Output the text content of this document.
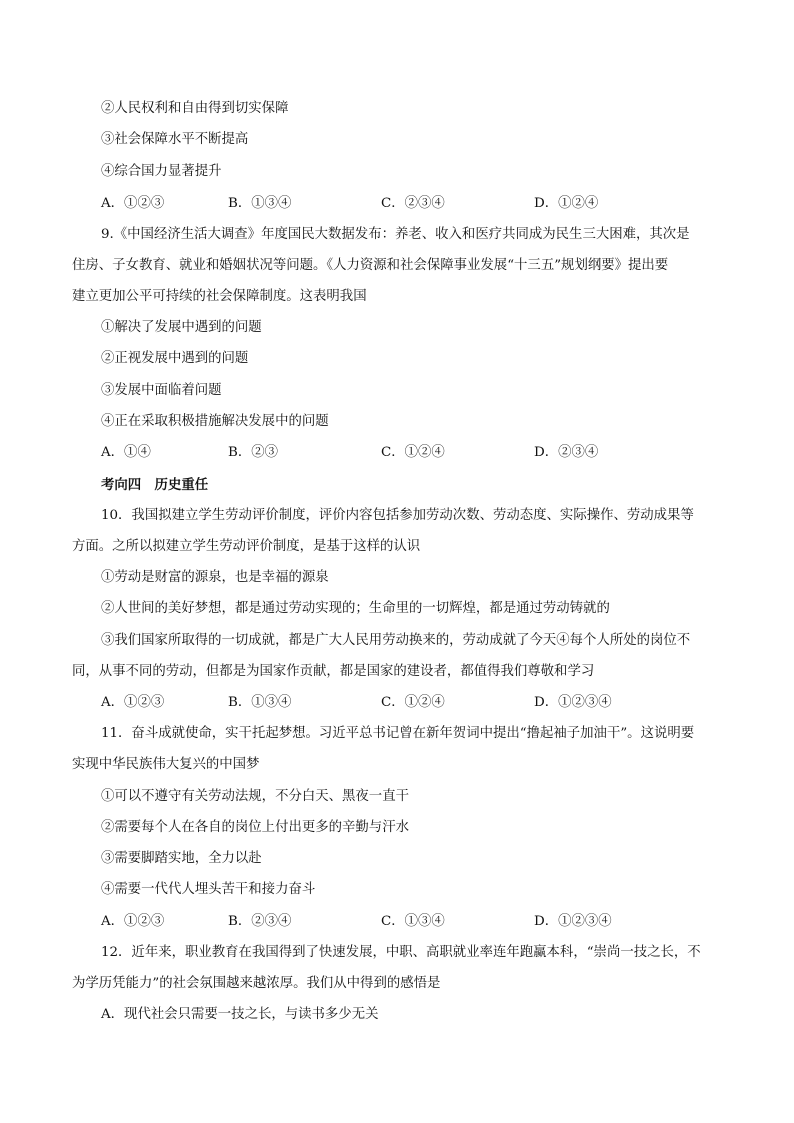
②人民权利和自由得到切实保障
③社会保障水平不断提高
④综合国力显著提升
A．①②③	B．①③④	C．②③④	D．①②④
9.《中国经济生活大调查》年度国民大数据发布：养老、收入和医疗共同成为民生三大困难，其次是
住房、子女教育、就业和婚姻状况等问题。《人力资源和社会保障事业发展“十三五”规划纲要》提出要
建立更加公平可持续的社会保障制度。这表明我国
①解决了发展中遇到的问题
②正视发展中遇到的问题
③发展中面临着问题
④正在采取积极措施解决发展中的问题
A．①④	B．②③	C．①②④	D．②③④
考向四　历史重任
10．我国拟建立学生劳动评价制度，评价内容包括参加劳动次数、劳动态度、实际操作、劳动成果等
方面。之所以拟建立学生劳动评价制度，是基于这样的认识
①劳动是财富的源泉，也是幸福的源泉
②人世间的美好梦想，都是通过劳动实现的；生命里的一切辉煌，都是通过劳动铸就的
③我们国家所取得的一切成就，都是广大人民用劳动换来的，劳动成就了今天④每个人所处的岗位不
同，从事不同的劳动，但都是为国家作贡献，都是国家的建设者，都值得我们尊敬和学习
A．①②③	B．①③④	C．①②④	D．①②③④
11．奋斗成就使命，实干托起梦想。习近平总书记曾在新年贺词中提出“撸起袖子加油干”。这说明要
实现中华民族伟大复兴的中国梦
①可以不遵守有关劳动法规，不分白天、黑夜一直干
②需要每个人在各自的岗位上付出更多的辛勤与汗水
③需要脚踏实地，全力以赴
④需要一代代人埋头苦干和接力奋斗
A．①②③	B．②③④	C．①③④	D．①②③④
12．近年来，职业教育在我国得到了快速发展，中职、高职就业率连年跑赢本科，“崇尚一技之长，不
为学历凭能力”的社会氛围越来越浓厚。我们从中得到的感悟是
A．现代社会只需要一技之长，与读书多少无关
